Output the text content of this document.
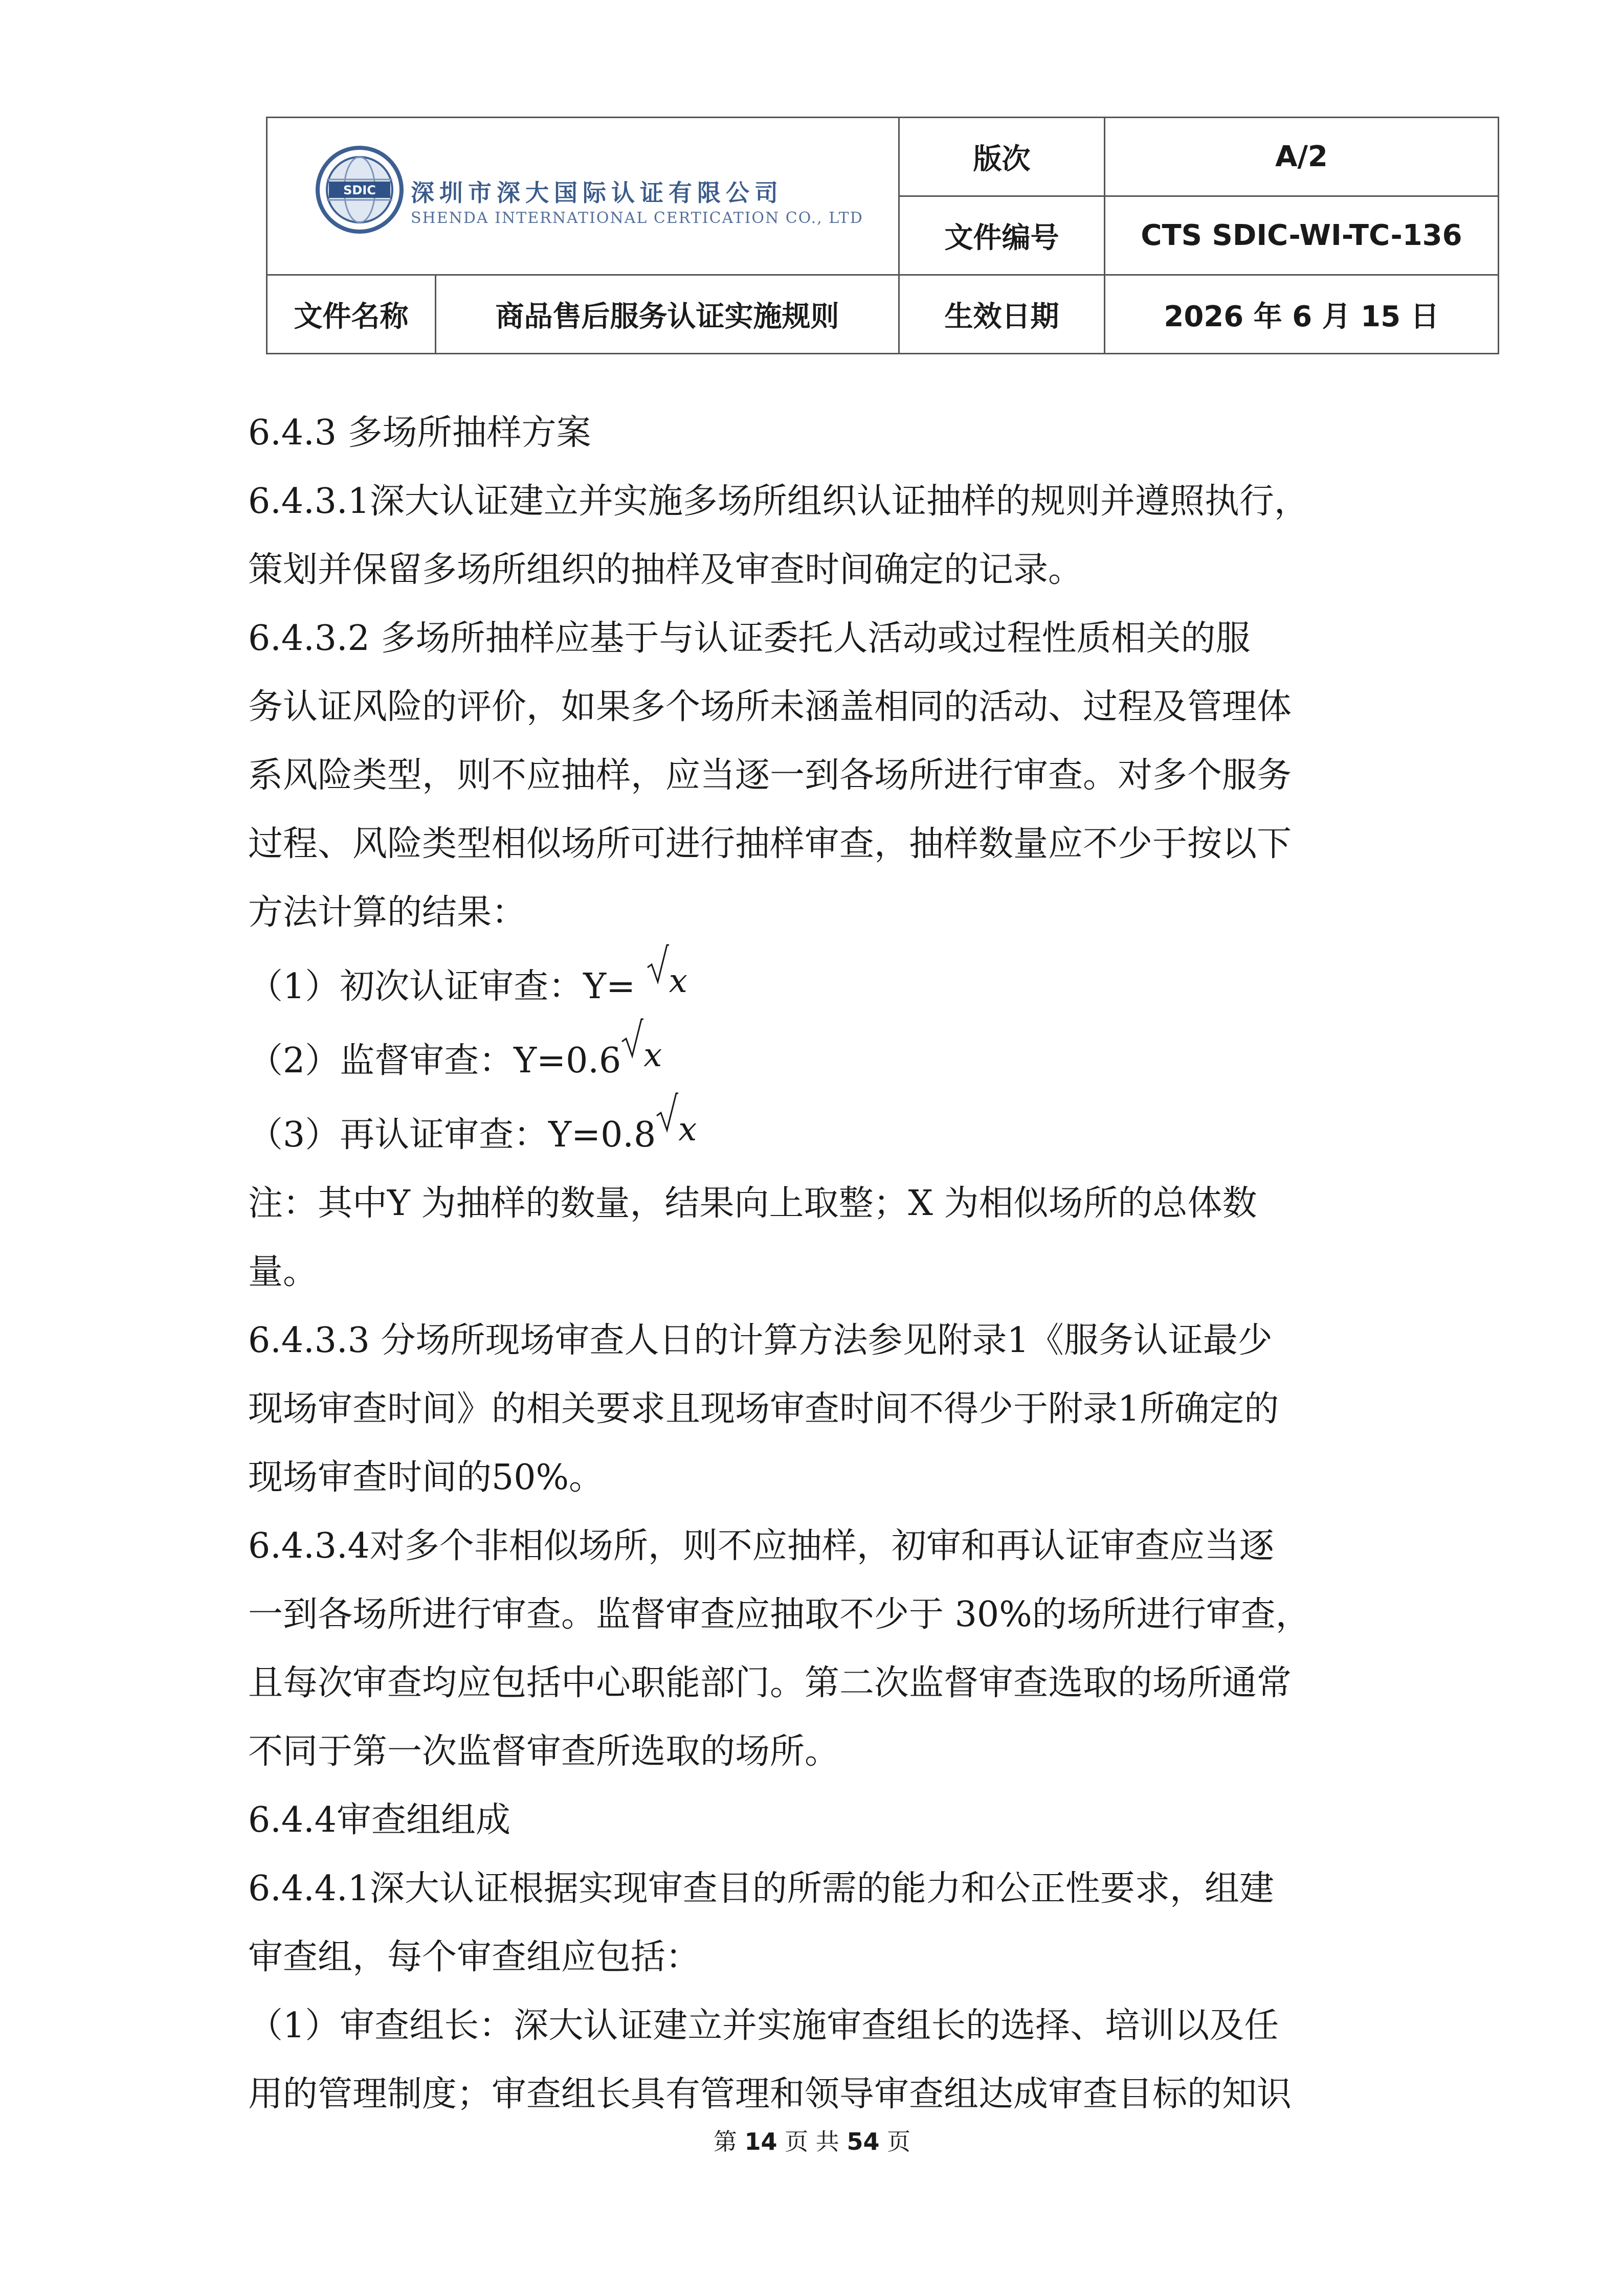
SDIC 深圳市深大国际认证有限公司
SHENDA INTERNATIONAL CERTICATION CO., LTD		版次	A/2
		文件编号	CTS SDIC-WI-TC-136
文件名称	商品售后服务认证实施规则	生效日期	2026 年 6 月 15 日

6.4.3 多场所抽样方案

6.4.3.1深大认证建立并实施多场所组织认证抽样的规则并遵照执行，

策划并保留多场所组织的抽样及审查时间确定的记录。

6.4.3.2 多场所抽样应基于与认证委托人活动或过程性质相关的服

务认证风险的评价，如果多个场所未涵盖相同的活动、过程及管理体

系风险类型，则不应抽样，应当逐一到各场所进行审查。对多个服务

过程、风险类型相似场所可进行抽样审查，抽样数量应不少于按以下

方法计算的结果：

（1）初次认证审查：Y=
x

（2）监督审查：Y=0.6 x

（3）再认证审查：Y=0.8 x

注：其中Y 为抽样的数量，结果向上取整；X 为相似场所的总体数

量。

6.4.3.3 分场所现场审查人日的计算方法参见附录1《服务认证最少

现场审查时间》的相关要求且现场审查时间不得少于附录1所确定的

现场审查时间的50%。

6.4.3.4对多个非相似场所，则不应抽样，初审和再认证审查应当逐

一到各场所进行审查。监督审查应抽取不少于 30%的场所进行审查，

且每次审查均应包括中心职能部门。第二次监督审查选取的场所通常

不同于第一次监督审查所选取的场所。

6.4.4审查组组成

6.4.4.1深大认证根据实现审查目的所需的能力和公正性要求，组建

审查组，每个审查组应包括：

（1）审查组长：深大认证建立并实施审查组长的选择、培训以及任

用的管理制度；审查组长具有管理和领导审查组达成审查目标的知识

第 14 页 共 54 页
